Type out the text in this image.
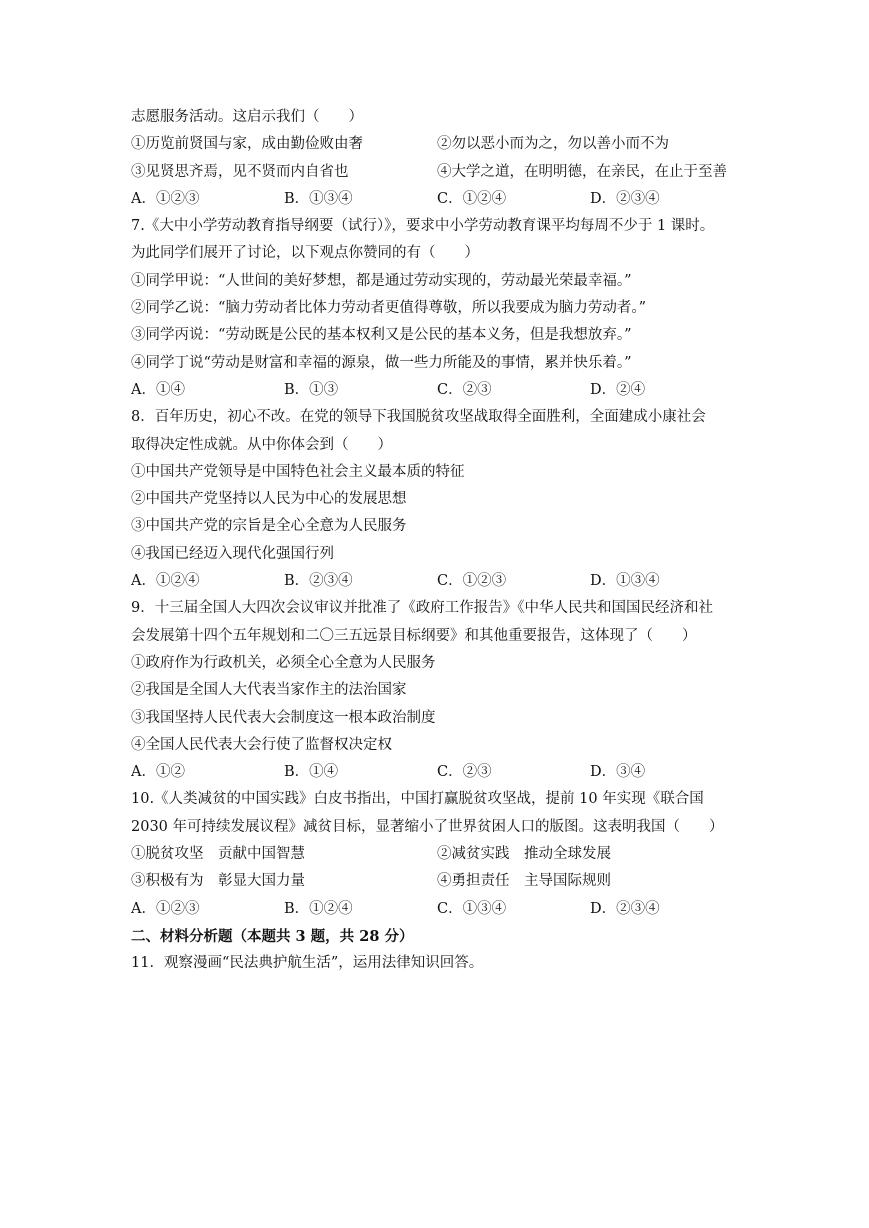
志愿服务活动。这启示我们（　　）
①历览前贤国与家，成由勤俭败由奢	②勿以恶小而为之，勿以善小而不为
③见贤思齐焉，见不贤而内自省也	④大学之道，在明明德，在亲民，在止于至善
A．①②③	B．①③④	C．①②④	D．②③④
7.《大中小学劳动教育指导纲要（试行）》，要求中小学劳动教育课平均每周不少于 1 课时。
为此同学们展开了讨论，以下观点你赞同的有（　　）
①同学甲说：“人世间的美好梦想，都是通过劳动实现的，劳动最光荣最幸福。”
②同学乙说：“脑力劳动者比体力劳动者更值得尊敬，所以我要成为脑力劳动者。”
③同学丙说：“劳动既是公民的基本权利又是公民的基本义务，但是我想放弃。”
④同学丁说“劳动是财富和幸福的源泉，做一些力所能及的事情，累并快乐着。”
A．①④	B．①③	C．②③	D．②④
8．百年历史，初心不改。在党的领导下我国脱贫攻坚战取得全面胜利，全面建成小康社会
取得决定性成就。从中你体会到（　　）
①中国共产党领导是中国特色社会主义最本质的特征
②中国共产党坚持以人民为中心的发展思想
③中国共产党的宗旨是全心全意为人民服务
④我国已经迈入现代化强国行列
A．①②④	B．②③④	C．①②③	D．①③④
9．十三届全国人大四次会议审议并批准了《政府工作报告》《中华人民共和国国民经济和社
会发展第十四个五年规划和二〇三五远景目标纲要》和其他重要报告，这体现了（　　）
①政府作为行政机关，必须全心全意为人民服务
②我国是全国人大代表当家作主的法治国家
③我国坚持人民代表大会制度这一根本政治制度
④全国人民代表大会行使了监督权决定权
A．①②	B．①④	C．②③	D．③④
10.《人类减贫的中国实践》白皮书指出，中国打赢脱贫攻坚战，提前 10 年实现《联合国
2030 年可持续发展议程》减贫目标，显著缩小了世界贫困人口的版图。这表明我国（　　）
①脱贫攻坚　贡献中国智慧	②减贫实践　推动全球发展
③积极有为　彰显大国力量	④勇担责任　主导国际规则
A．①②③	B．①②④	C．①③④	D．②③④
二、材料分析题（本题共 3 题，共 28 分）
11．观察漫画“民法典护航生活”，运用法律知识回答。
